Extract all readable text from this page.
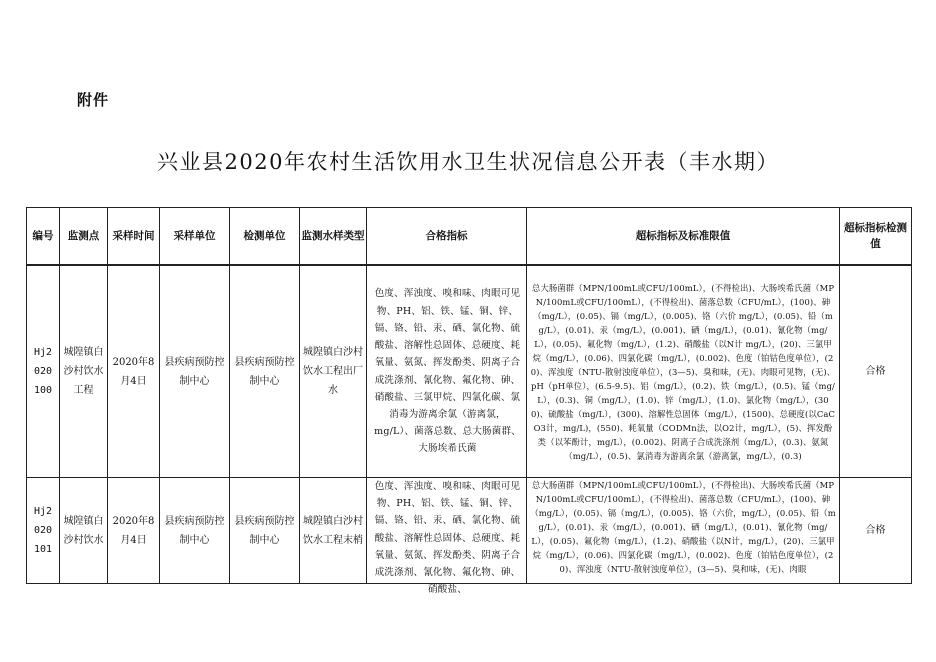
附件
兴业县2020年农村生活饮用水卫生状况信息公开表（丰水期）
编号	监测点	采样时间	采样单位	检测单位	监测水样类型	合格指标	超标指标及标准限值	超标指标检测值
Hj2 020 100	城隍镇白沙村饮水工程	2020年8月4日	县疾病预防控制中心	县疾病预防控制中心	城隍镇白沙村饮水工程出厂水	色度、浑浊度、嗅和味、肉眼可见物、PH、铝、铁、锰、铜、锌、镉、铬、铅、汞、硒、氯化物、硫酸盐、溶解性总固体、总硬度、耗氧量、氨氮、挥发酚类、阴离子合成洗涤剂、氰化物、氟化物、砷、硝酸盐、三氯甲烷、四氯化碳、氯消毒为游离余氯（游离氯，mg/L）、菌落总数、总大肠菌群、大肠埃希氏菌	总大肠菌群（MPN/100mL或CFU/100mL），(不得检出)、大肠埃希氏菌（MPN/100mL或CFU/100mL），(不得检出)、菌落总数（CFU/mL），(100)、砷（mg/L），(0.05)、镉（mg/L），(0.005)、铬（六价 mg/L），(0.05)、铅（mg/L），(0.01)、汞（mg/L），(0.001)、硒（mg/L），(0.01)、氰化物（mg/L），(0.05)、氟化物（mg/L），(1.2)、硝酸盐（以N计 mg/L），(20)、三氯甲烷（mg/L），(0.06)、四氯化碳（mg/L），(0.002)、色度（铂钴色度单位），(20)、浑浊度（NTU-散射浊度单位），(3—5)、臭和味，(无)、肉眼可见物，(无)、pH（pH单位），(6.5-9.5)、铝（mg/L），(0.2)、铁（mg/L），(0.5)、锰（mg/L），(0.3)、铜（mg/L），(1.0)、锌（mg/L），(1.0)、氯化物（mg/L），(300)、硫酸盐（mg/L），(300)、溶解性总固体（mg/L），(1500)、总硬度(以CaCO3计，mg/L)，(550)、耗氧量（CODMn法，以O2计，mg/L），(5)、挥发酚类（以苯酚计，mg/L），(0.002)、阴离子合成洗涤剂（mg/L），(0.3)、氨氮（mg/L），(0.5)、氯消毒为游离余氯（游离氯，mg/L），(0.3)	合格
Hj2 020 101	城隍镇白沙村饮水	2020年8月4日	县疾病预防控制中心	县疾病预防控制中心	城隍镇白沙村饮水工程末梢	色度、浑浊度、嗅和味、肉眼可见物、PH、铝、铁、锰、铜、锌、镉、铬、铅、汞、硒、氯化物、硫酸盐、溶解性总固体、总硬度、耗氧量、氨氮、挥发酚类、阴离子合成洗涤剂、氰化物、氟化物、砷、硝酸盐、	总大肠菌群（MPN/100mL或CFU/100mL），(不得检出)、大肠埃希氏菌（MPN/100mL或CFU/100mL），(不得检出)、菌落总数（CFU/mL），(100)、砷（mg/L），(0.05)、镉（mg/L），(0.005)、铬（六价，mg/L），(0.05)、铅（mg/L），(0.01)、汞（mg/L），(0.001)、硒（mg/L），(0.01)、氰化物（mg/L），(0.05)、氟化物（mg/L），(1.2)、硝酸盐（以N计，mg/L），(20)、三氯甲烷（mg/L），(0.06)、四氯化碳（mg/L），(0.002)、色度（铂钴色度单位），(20)、浑浊度（NTU-散射浊度单位），(3—5)、臭和味，(无)、肉眼	合格
